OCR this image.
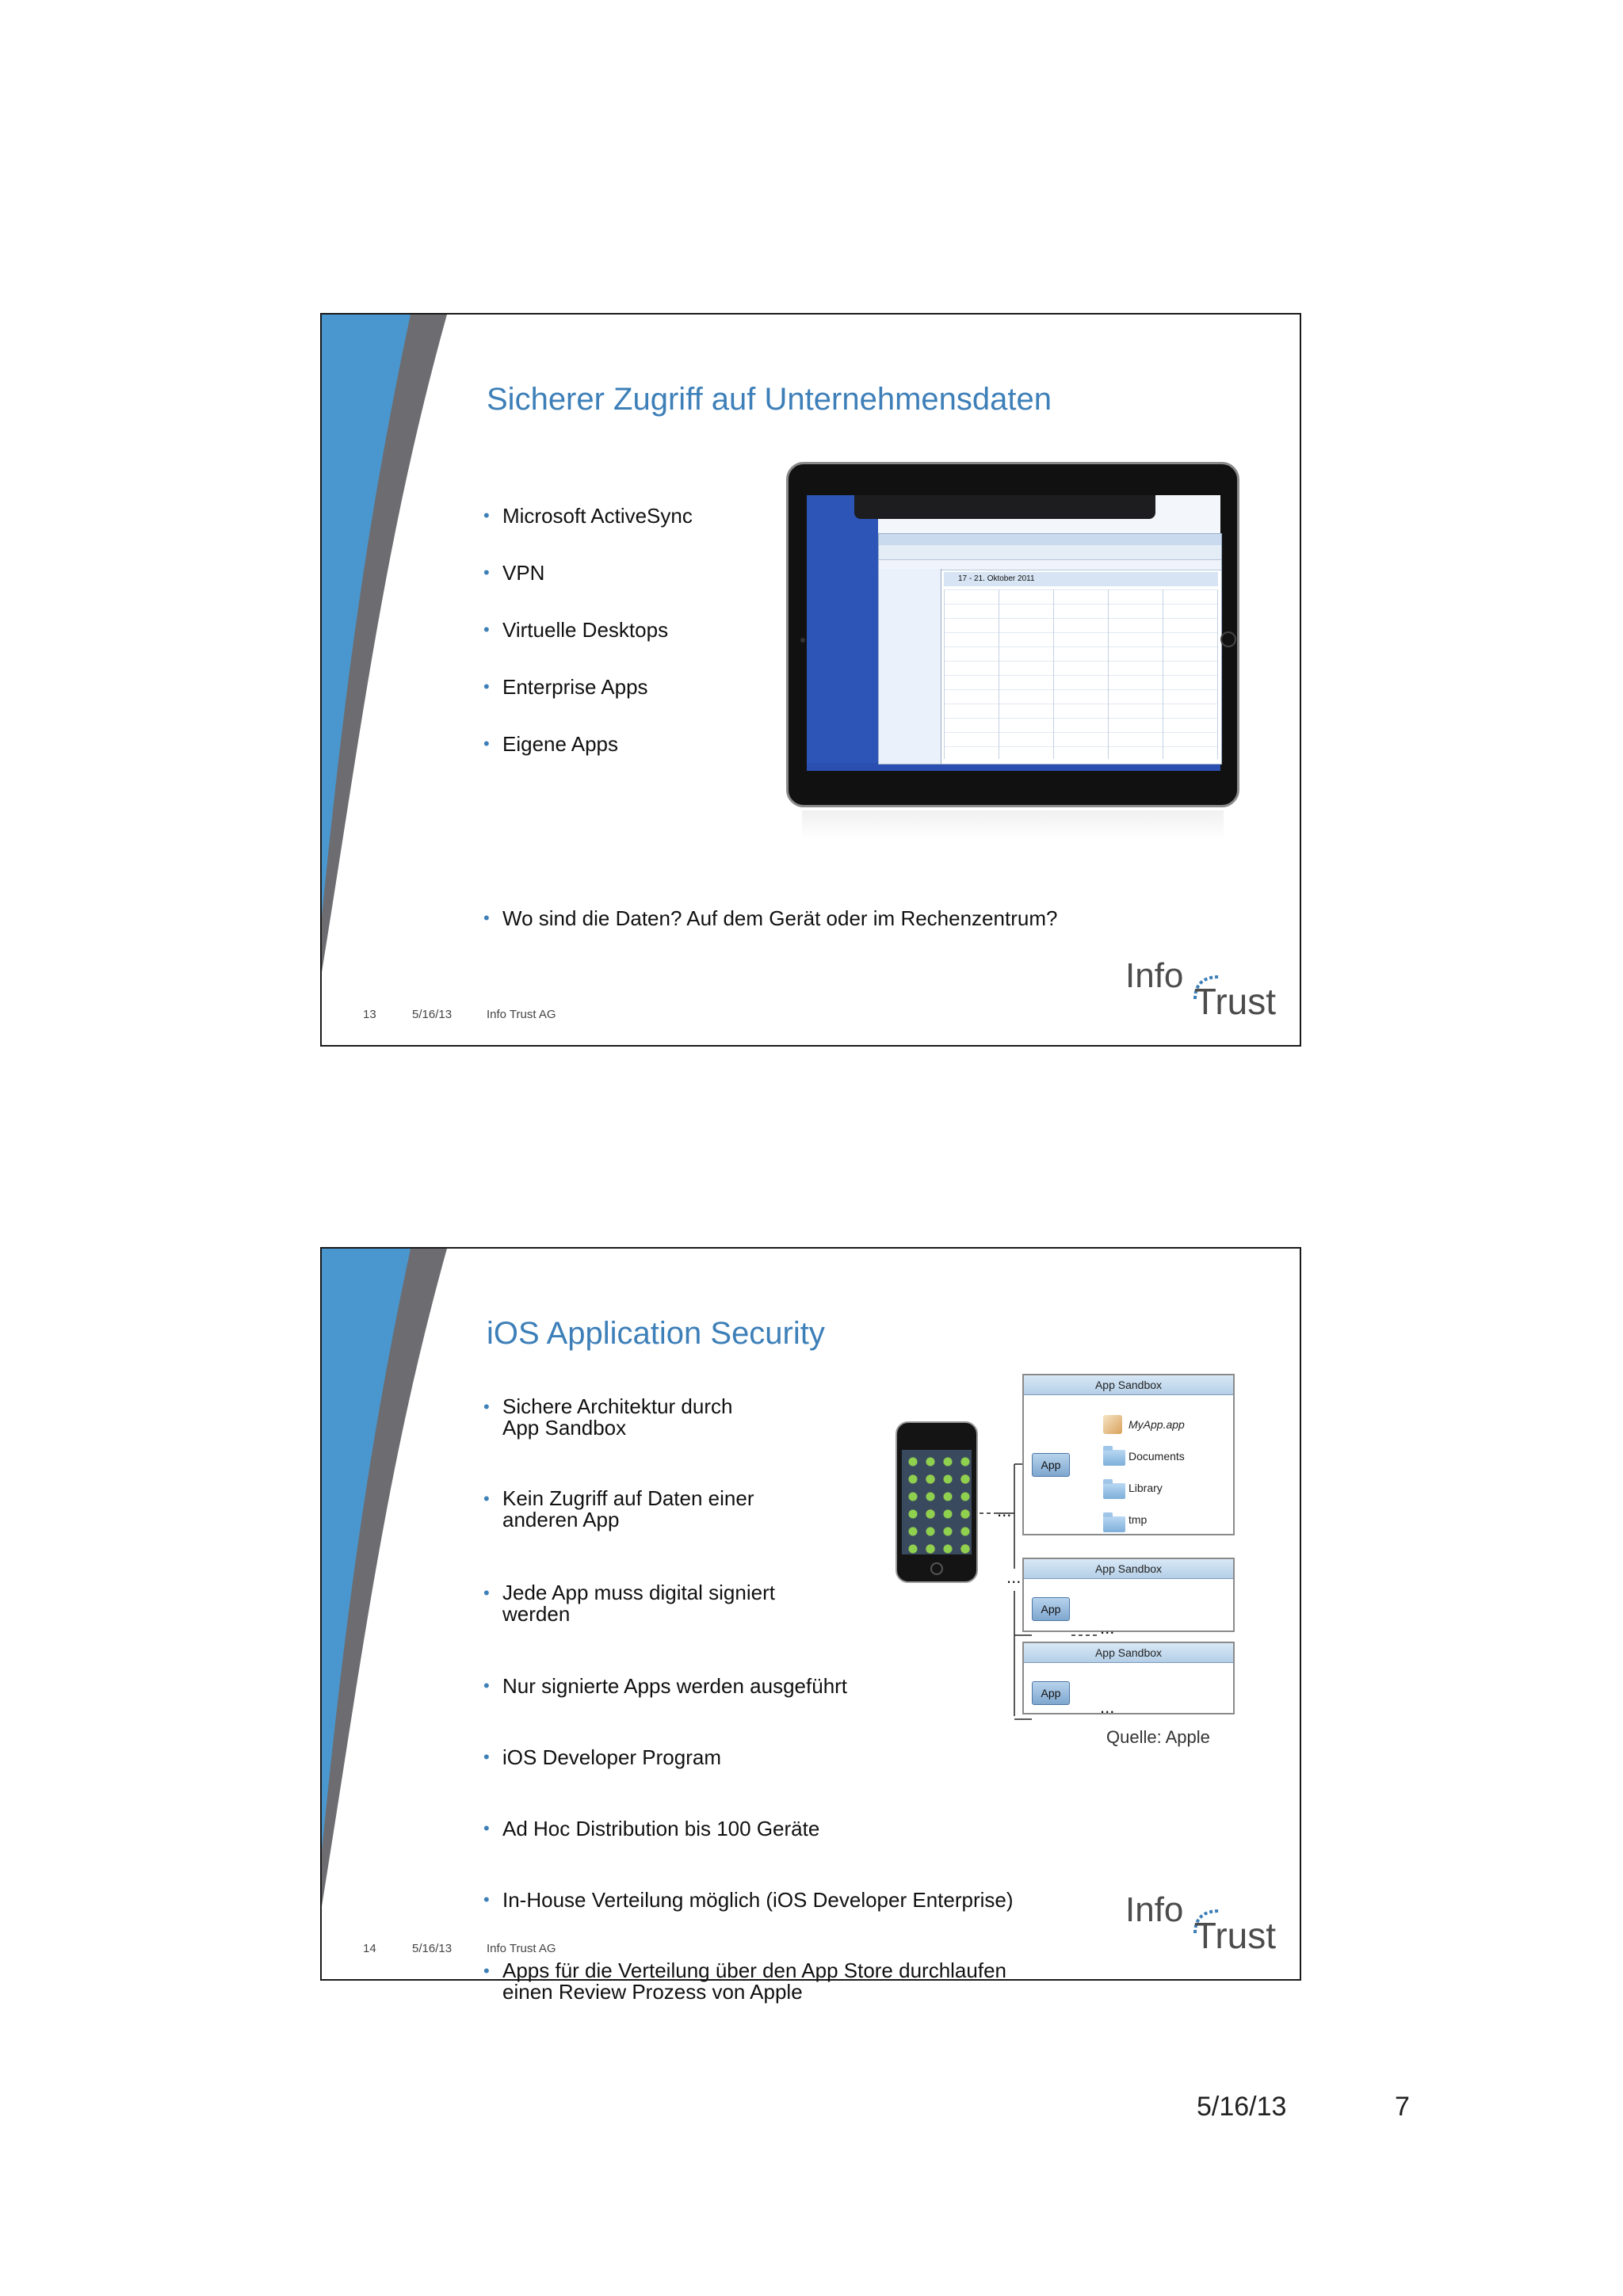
Sicherer Zugriff auf Unternehmensdaten
• Microsoft ActiveSync
• VPN
• Virtuelle Desktops
• Enterprise Apps
• Eigene Apps
17 - 21. Oktober 2011
• Wo sind die Daten? Auf dem Gerät oder im Rechenzentrum?
13	5/16/13	Info Trust AG
Info
Trust
iOS Application Security

• Sichere Architektur durch
App Sandbox

• Kein Zugriff auf Daten einer
anderen App

• Jede App muss digital signiert
werden

• Nur signierte Apps werden ausgeführt

• iOS Developer Program

• Ad Hoc Distribution bis 100 Geräte

• In-House Verteilung möglich (iOS Developer Enterprise)

• Apps für die Verteilung über den App Store durchlaufen
einen Review Prozess von Apple

...
...
App Sandbox
App
MyApp.app
Documents
Library
tmp
App Sandbox
App
...
App Sandbox
App
...
Quelle: Apple
14	5/16/13	Info Trust AG
Info
Trust
5/16/13	7
